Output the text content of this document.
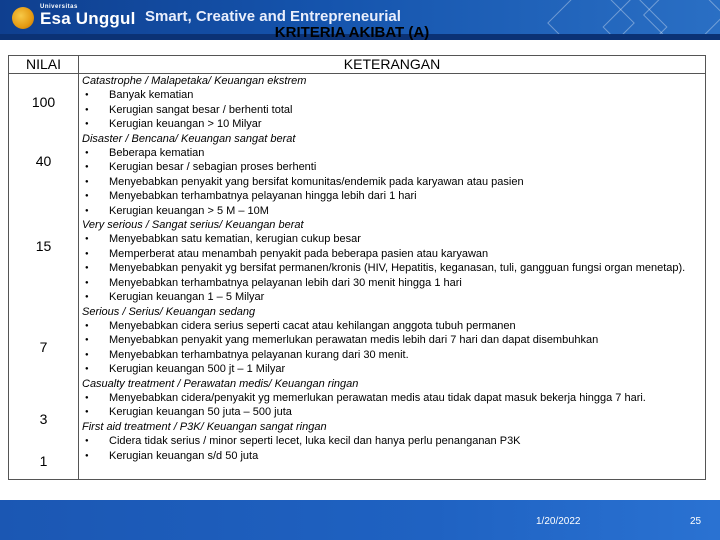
Universitas
Esa Unggul Smart, Creative and Entrepreneurial
KRITERIA AKIBAT (A)
NILAI	KETERANGAN
100
40
15
7
3
1
Catastrophe / Malapetaka/ Keuangan ekstrem
● Banyak kematian
● Kerugian sangat besar / berhenti total
● Kerugian keuangan > 10 Milyar
Disaster / Bencana/ Keuangan sangat berat
● Beberapa kematian
● Kerugian besar / sebagian proses berhenti
● Menyebabkan penyakit yang bersifat komunitas/endemik pada karyawan atau pasien
● Menyebabkan terhambatnya pelayanan hingga lebih dari 1 hari
● Kerugian keuangan > 5 M – 10M
Very serious / Sangat serius/ Keuangan berat
● Menyebabkan satu kematian, kerugian cukup besar
● Memperberat atau menambah penyakit pada beberapa pasien atau karyawan
● Menyebabkan penyakit yg bersifat permanen/kronis (HIV, Hepatitis, keganasan, tuli, gangguan fungsi organ menetap).
● Menyebabkan terhambatnya pelayanan lebih dari 30 menit hingga 1 hari
● Kerugian keuangan 1 – 5 Milyar
Serious / Serius/ Keuangan sedang
● Menyebabkan cidera serius seperti cacat atau kehilangan anggota tubuh permanen
● Menyebabkan penyakit yang memerlukan perawatan medis lebih dari 7 hari dan dapat disembuhkan
● Menyebabkan terhambatnya pelayanan kurang dari 30 menit.
● Kerugian keuangan 500 jt – 1 Milyar
Casualty treatment / Perawatan medis/ Keuangan ringan
● Menyebabkan cidera/penyakit yg memerlukan perawatan medis atau tidak dapat masuk bekerja hingga 7 hari.
● Kerugian keuangan 50 juta – 500 juta
First aid treatment / P3K/ Keuangan sangat ringan
● Cidera tidak serius / minor seperti lecet, luka kecil dan hanya perlu penanganan P3K
● Kerugian keuangan s/d 50 juta
1/20/2022	25
